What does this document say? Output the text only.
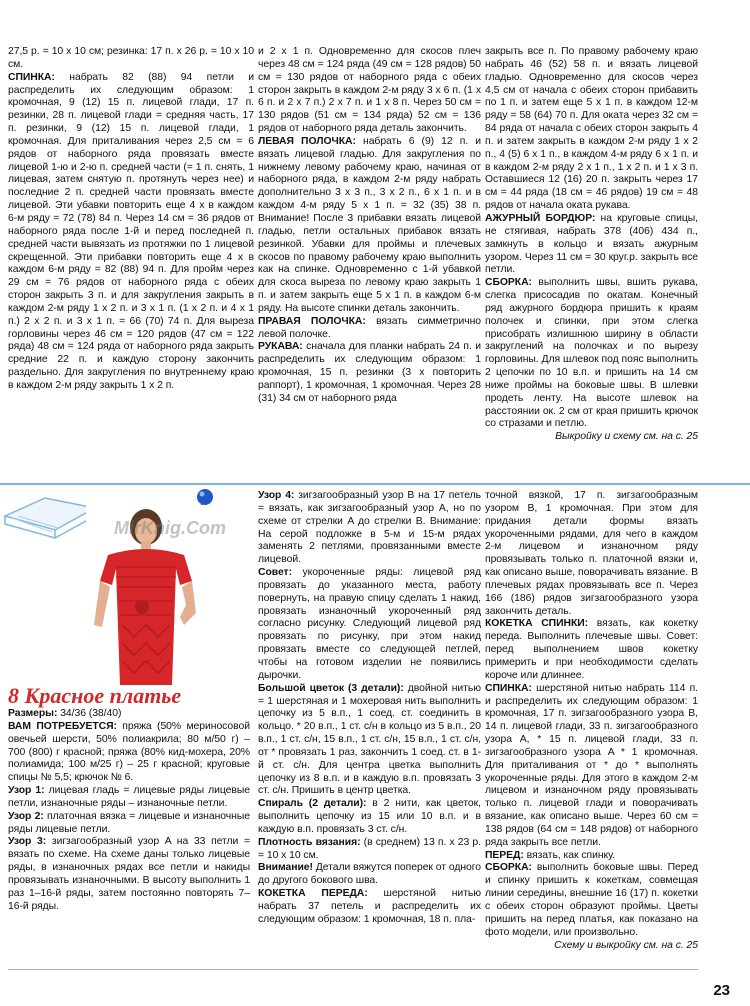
27,5 р. = 10 х 10 см; резинка: 17 п. х 26 р. = 10 х 10 см.

СПИНКА: набрать 82 (88) 94 петли и распределить их следующим образом: 1 кромочная, 9 (12) 15 п. лицевой глади, 17 п. резинки, 28 п. лицевой глади = средняя часть, 17 п. резинки, 9 (12) 15 п. лицевой глади, 1 кромочная. Для приталивания через 2,5 см = 6 рядов от наборного ряда провязать вместе лицевой 1-ю и 2-ю п. средней части (= 1 п. снять, 1 лицевая, затем снятую п. протянуть через нее) и последние 2 п. средней части провязать вместе лицевой. Эти убавки повторить еще 4 х в каждом 6-м ряду = 72 (78) 84 п. Через 14 см = 36 рядов от наборного ряда после 1-й и перед последней п. средней части вывязать из протяжки по 1 лицевой скрещенной. Эти прибавки повторить еще 4 х в каждом 6-м ряду = 82 (88) 94 п. Для пройм через 29 см = 76 рядов от наборного ряда с обеих сторон закрыть 3 п. и для закругления закрыть в каждом 2-м ряду 1 х 2 п. и 3 х 1 п. (1 х 2 п. и 4 х 1 п.) 2 х 2 п. и 3 х 1 п. = 66 (70) 74 п. Для выреза горловины через 46 см = 120 рядов (47 см = 122 ряда) 48 см = 124 ряда от наборного ряда закрыть средние 22 п. и каждую сторону закончить раздельно. Для закругления по внутреннему краю в каждом 2-м ряду закрыть 1 х 2 п.

и 2 х 1 п. Одновременно для скосов плеч через 48 см = 124 ряда (49 см = 128 рядов) 50 см = 130 рядов от наборного ряда с обеих сторон закрыть в каждом 2-м ряду 3 х 6 п. (1 х 6 п. и 2 х 7 п.) 2 х 7 п. и 1 х 8 п. Через 50 см = 130 рядов (51 см = 134 ряда) 52 см = 136 рядов от наборного ряда деталь закончить.

ЛЕВАЯ ПОЛОЧКА: набрать 6 (9) 12 п. и вязать лицевой гладью. Для закругления по нижнему левому рабочему краю, начиная от наборного ряда, в каждом 2-м ряду набрать дополнительно 3 х 3 п., 3 х 2 п., 6 х 1 п. и в каждом 4-м ряду 5 х 1 п. = 32 (35) 38 п. Внимание! После 3 прибавки вязать лицевой гладью, петли остальных прибавок вязать резинкой. Убавки для проймы и плечевых скосов по правому рабочему краю выполнить как на спинке. Одновременно с 1-й убавкой для скоса выреза по левому краю закрыть 1 п. и затем закрыть еще 5 х 1 п. в каждом 6-м ряду. На высоте спинки деталь закончить.

ПРАВАЯ ПОЛОЧКА: вязать симметрично левой полочке.

РУКАВА: сначала для планки набрать 24 п. и распределить их следующим образом: 1 кромочная, 15 п. резинки (3 х повторить раппорт), 1 кромочная, 1 кромочная. Через 28 (31) 34 см от наборного ряда

закрыть все п. По правому рабочему краю набрать 46 (52) 58 п. и вязать лицевой гладью. Одновременно для скосов через 4,5 см от начала с обеих сторон прибавить по 1 п. и затем еще 5 х 1 п. в каждом 12-м ряду = 58 (64) 70 п. Для оката через 32 см = 84 ряда от начала с обеих сторон закрыть 4 п. и затем закрыть в каждом 2-м ряду 1 х 2 п., 4 (5) 6 х 1 п., в каждом 4-м ряду 6 х 1 п. и в каждом 2-м ряду 2 х 1 п., 1 х 2 п. и 1 х 3 п. Оставшиеся 12 (16) 20 п. закрыть через 17 см = 44 ряда (18 см = 46 рядов) 19 см = 48 рядов от начала оката рукава.

АЖУРНЫЙ БОРДЮР: на круговые спицы, не стягивая, набрать 378 (406) 434 п., замкнуть в кольцо и вязать ажурным узором. Через 11 см = 30 круг.р. закрыть все петли.

СБОРКА: выполнить швы, вшить рукава, слегка присосадив по окатам. Конечный ряд ажурного бордюра пришить к краям полочек и спинки, при этом слегка присобрать излишнюю ширину в области закруглений на полочках и по вырезу горловины. Для шлевок под пояс выполнить 2 цепочки по 10 в.п. и пришить на 14 см ниже проймы на боковые швы. В шлевки продеть ленту. На высоте шлевок на расстоянии ок. 2 см от края пришить крючок со стразами и петлю.

Выкройку и схему см. на с. 25

MirKnig.Com
8 Красное платье

Размеры: 34/36 (38/40)

ВАМ ПОТРЕБУЕТСЯ: пряжа (50% мериносовой овечьей шерсти, 50% полиакрила; 80 м/50 г) – 700 (800) г красной; пряжа (80% кид-мохера, 20% полиамида; 100 м/25 г) – 25 г красной; круговые спицы № 5,5; крючок № 6.

Узор 1: лицевая гладь = лицевые ряды лицевые петли, изнаночные ряды – изнаночные петли.

Узор 2: платочная вязка = лицевые и изнаночные ряды лицевые петли.

Узор 3: зигзагообразный узор A на 33 петли = вязать по схеме. На схеме даны только лицевые ряды, в изнаночных рядах все петли и накиды провязывать изнаночными. В высоту выполнить 1 раз 1–16-й ряды, затем постоянно повторять 7–16-й ряды.

Узор 4: зигзагообразный узор B на 17 петель = вязать, как зигзагообразный узор A, но по схеме от стрелки A до стрелки B. Внимание: На серой подложке в 5-м и 15-м рядах заменять 2 петлями, провязанными вместе лицевой.

Совет: укороченные ряды: лицевой ряд провязать до указанного места, работу повернуть, на правую спицу сделать 1 накид, провязать изнаночный укороченный ряд согласно рисунку. Следующий лицевой ряд провязать по рисунку, при этом накид провязать вместе со следующей петлей, чтобы на готовом изделии не появились дырочки.

Большой цветок (3 детали): двойной нитью = 1 шерстяная и 1 мохеровая нить выполнить цепочку из 5 в.п., 1 соед. ст. соединить в кольцо. * 20 в.п., 1 ст. с/н в кольцо из 5 в.п., 20 в.п., 1 ст. с/н, 15 в.п., 1 ст. с/н, 15 в.п., 1 ст. с/н, от * провязать 1 раз, закончить 1 соед. ст. в 1-й ст. с/н. Для центра цветка выполнить цепочку из 8 в.п. и в каждую в.п. провязать 3 ст. с/н. Пришить в центр цветка.

Спираль (2 детали): в 2 нити, как цветок, выполнить цепочку из 15 или 10 в.п. и в каждую в.п. провязать 3 ст. с/н.

Плотность вязания: (в среднем) 13 п. х 23 р. = 10 х 10 см.

Внимание! Детали вяжутся поперек от одного до другого бокового шва.

КОКЕТКА ПЕРЕДА: шерстяной нитью набрать 37 петель и распределить их следующим образом: 1 кромочная, 18 п. пла-

точной вязкой, 17 п. зигзагообразным узором B, 1 кромочная. При этом для придания детали формы вязать укороченными рядами, для чего в каждом 2-м лицевом и изнаночном ряду провязывать только п. платочной вязки и, как описано выше, поворачивать вязание. В плечевых рядах провязывать все п. Через 166 (186) рядов зигзагообразного узора закончить деталь.

КОКЕТКА СПИНКИ: вязать, как кокетку переда. Выполнить плечевые швы. Совет: перед выполнением швов кокетку примерить и при необходимости сделать короче или длиннее.

СПИНКА: шерстяной нитью набрать 114 п. и распределить их следующим образом: 1 кромочная, 17 п. зигзагообразного узора B, 14 п. лицевой глади, 33 п. зигзагообразного узора A, * 15 п. лицевой глади, 33 п. зигзагообразного узора A * 1 кромочная. Для приталивания от * до * выполнять укороченные ряды. Для этого в каждом 2-м лицевом и изнаночном ряду провязывать только п. лицевой глади и поворачивать вязание, как описано выше. Через 60 см = 138 рядов (64 см = 148 рядов) от наборного ряда закрыть все петли.

ПЕРЕД: вязать, как спинку.

СБОРКА: выполнить боковые швы. Перед и спинку пришить к кокеткам, совмещая линии середины, внешние 16 (17) п. кокетки с обеих сторон образуют проймы. Цветы пришить на перед платья, как показано на фото модели, или произвольно.

Схему и выкройку см. на с. 25

23
